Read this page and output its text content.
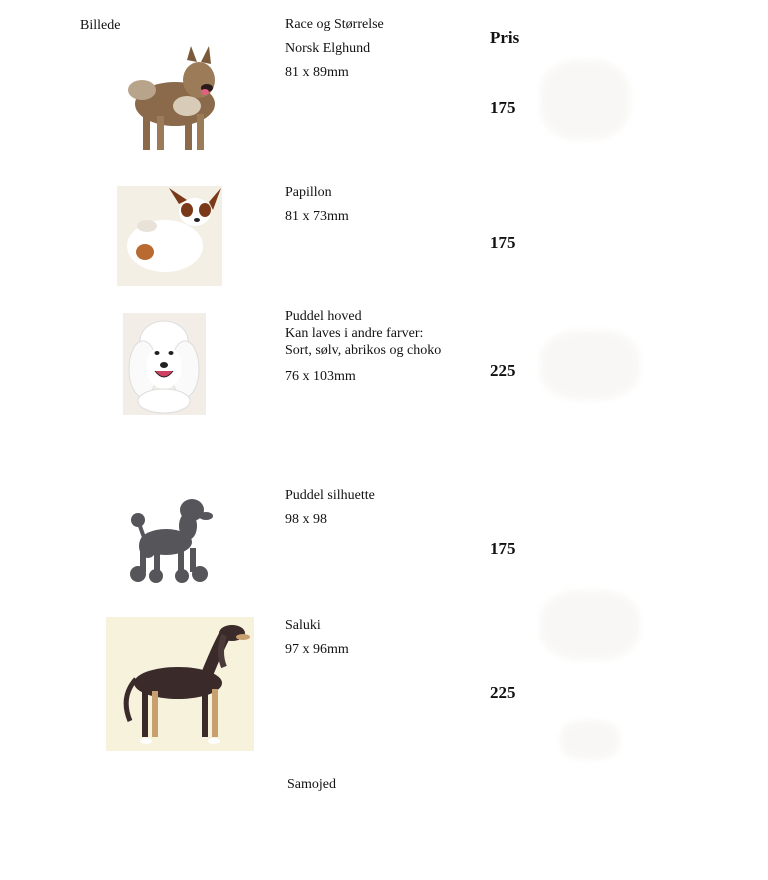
Billede	Race og Størrelse
Pris
Norsk Elghund
81 x 89mm
175
Papillon
81 x 73mm
175
Puddel hoved
Kan laves i andre farver:
Sort, sølv, abrikos og choko
76 x 103mm	225
Puddel silhuette
98 x 98
175
Saluki
97 x 96mm
225
Samojed
